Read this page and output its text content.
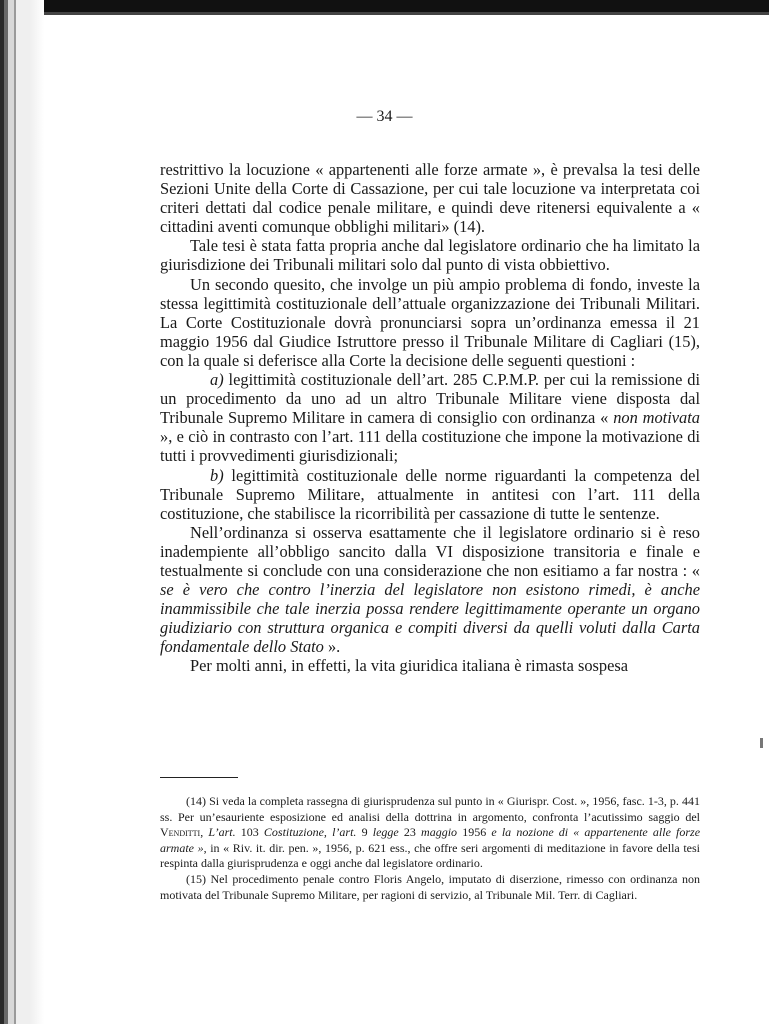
— 34 —

restrittivo la locuzione « appartenenti alle forze armate », è prevalsa la tesi delle Sezioni Unite della Corte di Cassazione, per cui tale locuzione va interpretata coi criteri dettati dal codice penale militare, e quindi deve ritenersi equivalente a « cittadini aventi comunque obblighi militari» (14).

Tale tesi è stata fatta propria anche dal legislatore ordinario che ha limitato la giurisdizione dei Tribunali militari solo dal punto di vista obbiettivo.

Un secondo quesito, che involge un più ampio problema di fondo, investe la stessa legittimità costituzionale dell’attuale organizzazione dei Tribunali Militari. La Corte Costituzionale dovrà pronunciarsi sopra un’ordinanza emessa il 21 maggio 1956 dal Giudice Istruttore presso il Tribunale Militare di Cagliari (15), con la quale si deferisce alla Corte la decisione delle seguenti questioni :

a) legittimità costituzionale dell’art. 285 C.P.M.P. per cui la remissione di un procedimento da uno ad un altro Tribunale Militare viene disposta dal Tribunale Supremo Militare in camera di consiglio con ordinanza « non motivata », e ciò in contrasto con l’art. 111 della costituzione che impone la motivazione di tutti i provvedimenti giurisdizionali;

b) legittimità costituzionale delle norme riguardanti la competenza del Tribunale Supremo Militare, attualmente in antitesi con l’art. 111 della costituzione, che stabilisce la ricorribilità per cassazione di tutte le sentenze.

Nell’ordinanza si osserva esattamente che il legislatore ordinario si è reso inadempiente all’obbligo sancito dalla VI disposizione transitoria e finale e testualmente si conclude con una considerazione che non esitiamo a far nostra : « se è vero che contro l’inerzia del legislatore non esistono rimedi, è anche inammissibile che tale inerzia possa rendere legittimamente operante un organo giudiziario con struttura organica e compiti diversi da quelli voluti dalla Carta fondamentale dello Stato ».

Per molti anni, in effetti, la vita giuridica italiana è rimasta sospesa

(14) Si veda la completa rassegna di giurisprudenza sul punto in « Giurispr. Cost. », 1956, fasc. 1-3, p. 441 ss. Per un’esauriente esposizione ed analisi della dottrina in argomento, confronta l’acutissimo saggio del Venditti, L’art. 103 Costituzione, l’art. 9 legge 23 maggio 1956 e la nozione di « appartenente alle forze armate », in « Riv. it. dir. pen. », 1956, p. 621 ess., che offre seri argomenti di meditazione in favore della tesi respinta dalla giurisprudenza e oggi anche dal legislatore ordinario.

(15) Nel procedimento penale contro Floris Angelo, imputato di diserzione, rimesso con ordinanza non motivata del Tribunale Supremo Militare, per ragioni di servizio, al Tribunale Mil. Terr. di Cagliari.
